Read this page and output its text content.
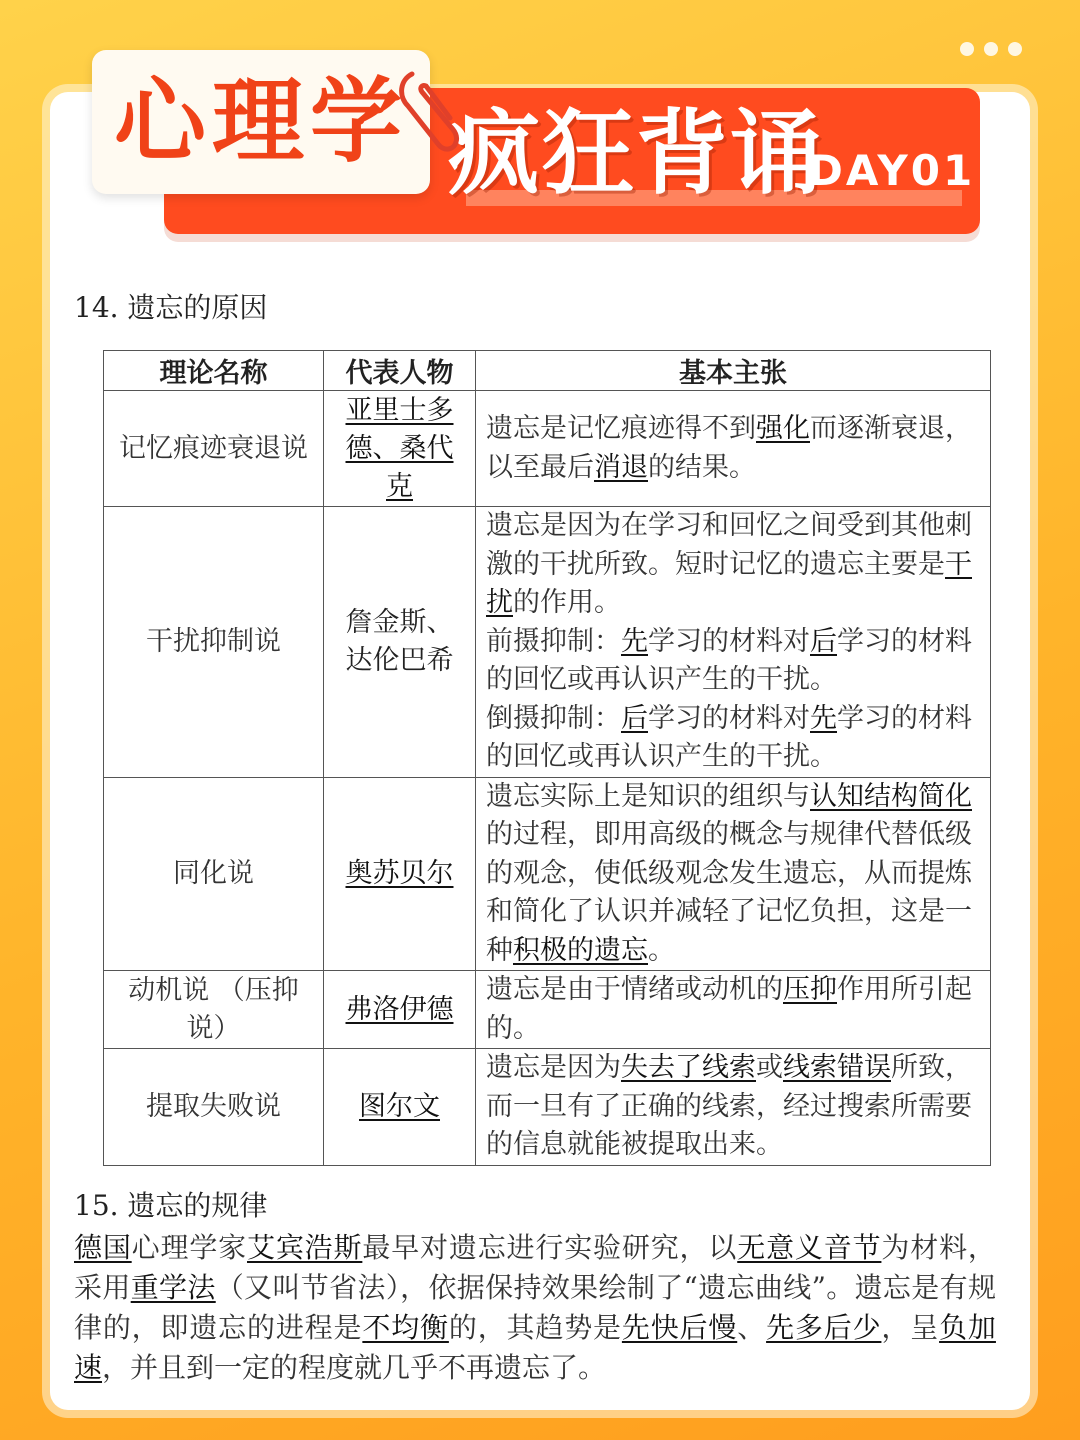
疯狂背诵
DAY01
心理学
14. 遗忘的原因
理论名称	代表人物	基本主张
记忆痕迹衰退说	亚里士多德、桑代克	遗忘是记忆痕迹得不到强化而逐渐衰退，以至最后消退的结果。
干扰抑制说	詹金斯、达伦巴希	遗忘是因为在学习和回忆之间受到其他刺激的干扰所致。短时记忆的遗忘主要是干扰的作用。
前摄抑制：先学习的材料对后学习的材料的回忆或再认识产生的干扰。
倒摄抑制：后学习的材料对先学习的材料的回忆或再认识产生的干扰。
同化说	奥苏贝尔	遗忘实际上是知识的组织与认知结构简化的过程，即用高级的概念与规律代替低级的观念，使低级观念发生遗忘，从而提炼和简化了认识并减轻了记忆负担，这是一种积极的遗忘。
动机说 （压抑说）	弗洛伊德	遗忘是由于情绪或动机的压抑作用所引起的。
提取失败说	图尔文	遗忘是因为失去了线索或线索错误所致，而一旦有了正确的线索，经过搜索所需要的信息就能被提取出来。
15. 遗忘的规律
德国心理学家艾宾浩斯最早对遗忘进行实验研究，以无意义音节为材料，采用重学法（又叫节省法），依据保持效果绘制了“遗忘曲线”。遗忘是有规律的，即遗忘的进程是不均衡的，其趋势是先快后慢、先多后少，呈负加速，并且到一定的程度就几乎不再遗忘了。
